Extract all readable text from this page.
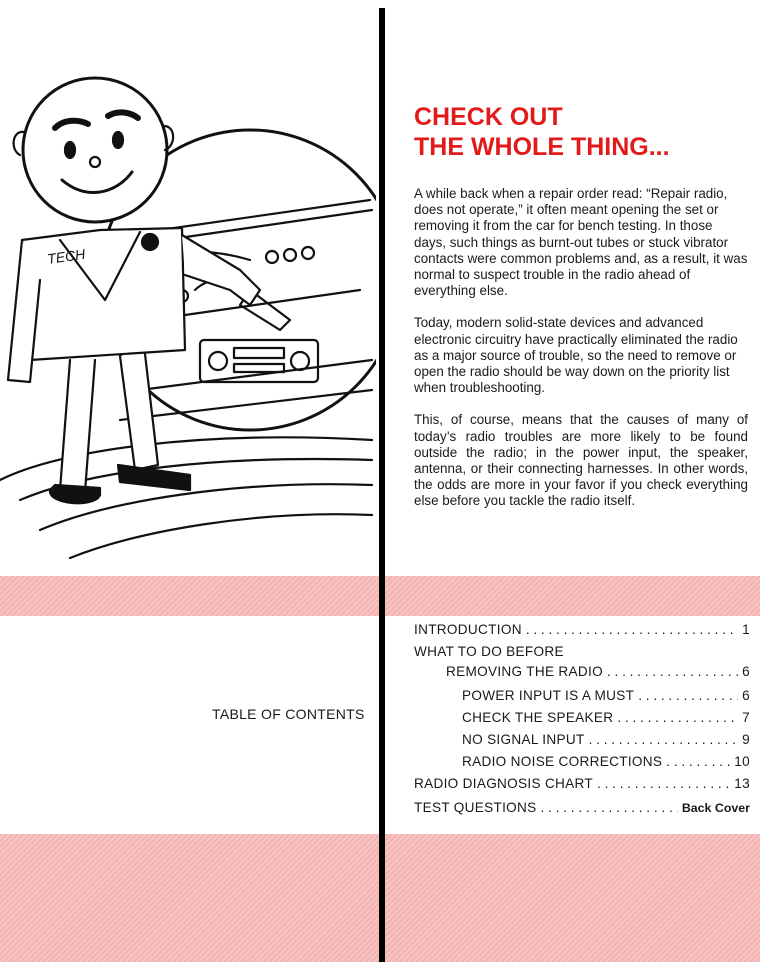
TECH
CHECK OUT
THE WHOLE THING...

A while back when a repair order read: “Repair radio, does not operate,” it often meant opening the set or removing it from the car for bench testing. In those days, such things as burnt-out tubes or stuck vibrator contacts were common problems and, as a result, it was normal to suspect trouble in the radio ahead of everything else.

Today, modern solid-state devices and advanced electronic circuitry have practically eliminated the radio as a major source of trouble, so the need to remove or open the radio should be way down on the priority list when troubleshooting.

This, of course, means that the causes of many of today’s radio troubles are more likely to be found outside the radio; in the power input, the speaker, antenna, or their connecting harnesses. In other words, the odds are more in your favor if you check everything else before you tackle the radio itself.

TABLE OF CONTENTS
INTRODUCTION . . .	1
WHAT TO DO BEFORE
REMOVING THE RADIO . . .	6
POWER INPUT IS A MUST . . .	6
CHECK THE SPEAKER . . .	7
NO SIGNAL INPUT . . .	9
RADIO NOISE CORRECTIONS . . .	10
RADIO DIAGNOSIS CHART . . .	13
TEST QUESTIONS . . .	Back Cover
